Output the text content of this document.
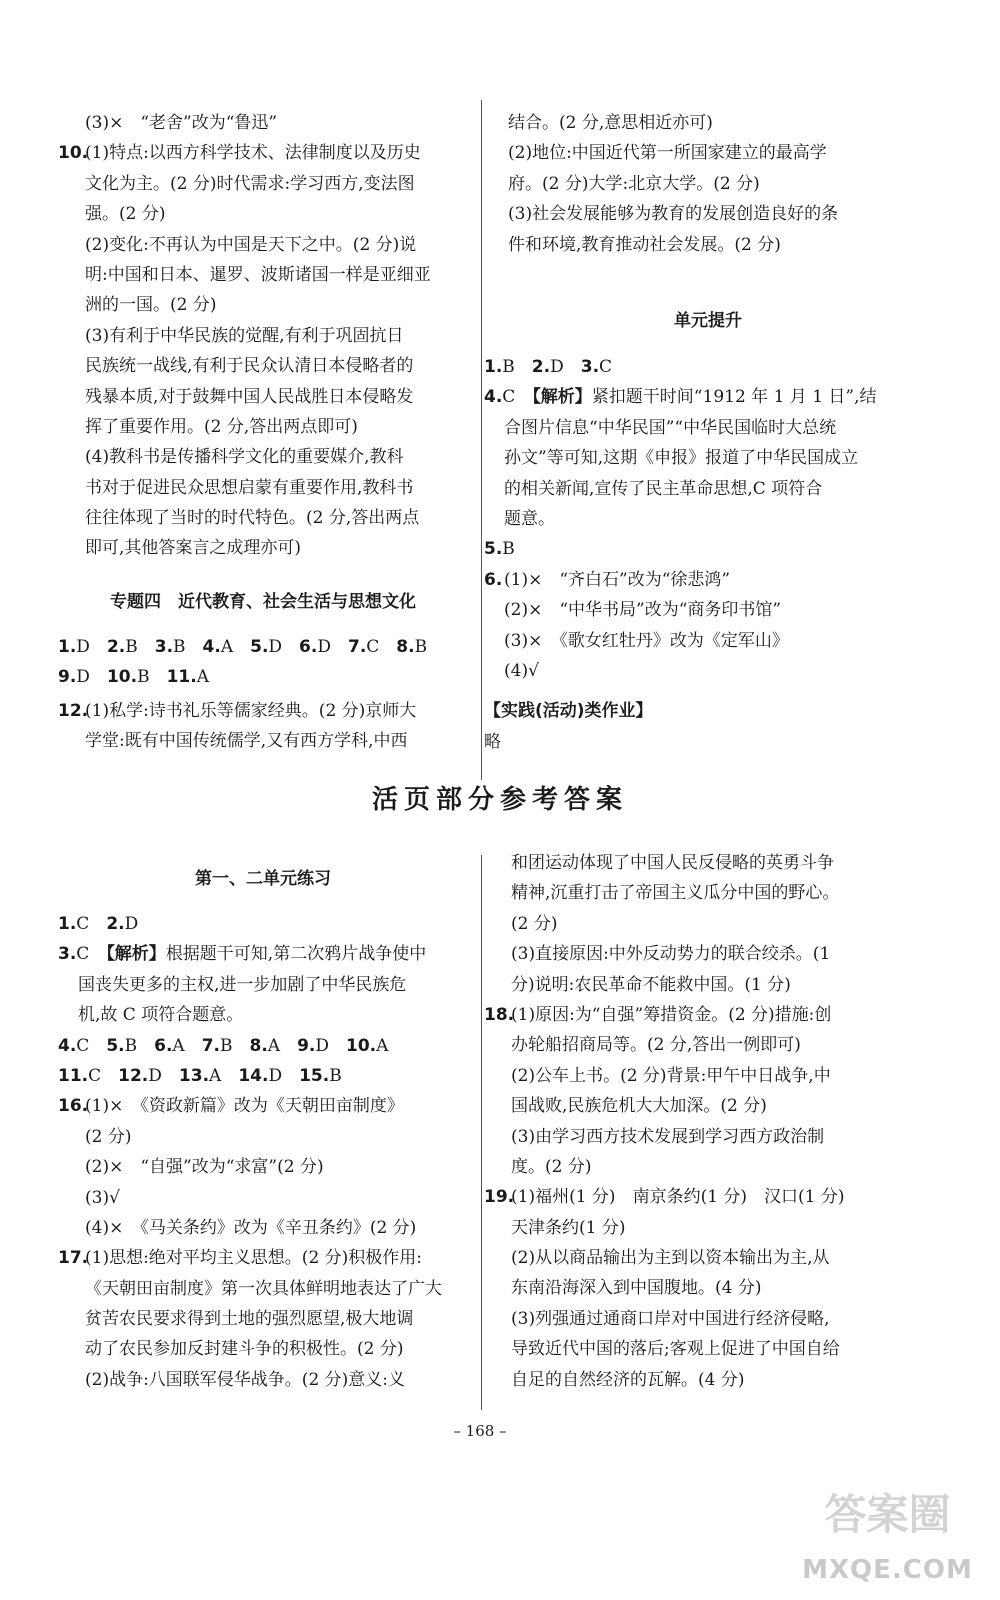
(3)×　“老舍”改为“鲁迅”
10.(1)特点:以西方科学技术、法律制度以及历史
文化为主。(2 分)时代需求:学习西方,变法图
强。(2 分)
(2)变化:不再认为中国是天下之中。(2 分)说
明:中国和日本、暹罗、波斯诸国一样是亚细亚
洲的一国。(2 分)
(3)有利于中华民族的觉醒,有利于巩固抗日
民族统一战线,有利于民众认清日本侵略者的
残暴本质,对于鼓舞中国人民战胜日本侵略发
挥了重要作用。(2 分,答出两点即可)
(4)教科书是传播科学文化的重要媒介,教科
书对于促进民众思想启蒙有重要作用,教科书
往往体现了当时的时代特色。(2 分,答出两点
即可,其他答案言之成理亦可)
专题四　近代教育、社会生活与思想文化
1.D　2.B　3.B　4.A　5.D　6.D　7.C　8.B
9.D　10.B　11.A
12.(1)私学:诗书礼乐等儒家经典。(2 分)京师大
学堂:既有中国传统儒学,又有西方学科,中西
结合。(2 分,意思相近亦可)
(2)地位:中国近代第一所国家建立的最高学
府。(2 分)大学:北京大学。(2 分)
(3)社会发展能够为教育的发展创造良好的条
件和环境,教育推动社会发展。(2 分)
单元提升
1.B　2.D　3.C
4.C　【解析】紧扣题干时间“1912 年 1 月 1 日”,结
合图片信息“中华民国”“中华民国临时大总统
孙文”等可知,这期《申报》报道了中华民国成立
的相关新闻,宣传了民主革命思想,C 项符合
题意。
5.B
6. (1)×　“齐白石”改为“徐悲鸿”
(2)×　“中华书局”改为“商务印书馆”
(3)×　《歌女红牡丹》改为《定军山》
(4)√
【实践(活动)类作业】
略
活页部分参考答案
第一、二单元练习
1.C　2.D
3.C　【解析】根据题干可知,第二次鸦片战争使中
国丧失更多的主权,进一步加剧了中华民族危
机,故 C 项符合题意。
4.C　5.B　6.A　7.B　8.A　9.D　10.A
11.C　12.D　13.A　14.D　15.B
16.(1)×　《资政新篇》改为《天朝田亩制度》
(2 分)
(2)×　“自强”改为“求富”(2 分)
(3)√
(4)×　《马关条约》改为《辛丑条约》(2 分)
17.(1)思想:绝对平均主义思想。(2 分)积极作用:
《天朝田亩制度》第一次具体鲜明地表达了广大
贫苦农民要求得到土地的强烈愿望,极大地调
动了农民参加反封建斗争的积极性。(2 分)
(2)战争:八国联军侵华战争。(2 分)意义:义
和团运动体现了中国人民反侵略的英勇斗争
精神,沉重打击了帝国主义瓜分中国的野心。
(2 分)
(3)直接原因:中外反动势力的联合绞杀。(1
分)说明:农民革命不能救中国。(1 分)
18.(1)原因:为“自强”筹措资金。(2 分)措施:创
办轮船招商局等。(2 分,答出一例即可)
(2)公车上书。(2 分)背景:甲午中日战争,中
国战败,民族危机大大加深。(2 分)
(3)由学习西方技术发展到学习西方政治制
度。(2 分)
19.(1)福州(1 分)　南京条约(1 分)　汉口(1 分)
天津条约(1 分)
(2)从以商品输出为主到以资本输出为主,从
东南沿海深入到中国腹地。(4 分)
(3)列强通过通商口岸对中国进行经济侵略,
导致近代中国的落后;客观上促进了中国自给
自足的自然经济的瓦解。(4 分)
– 168 –
答案圈
MXQE.COM
